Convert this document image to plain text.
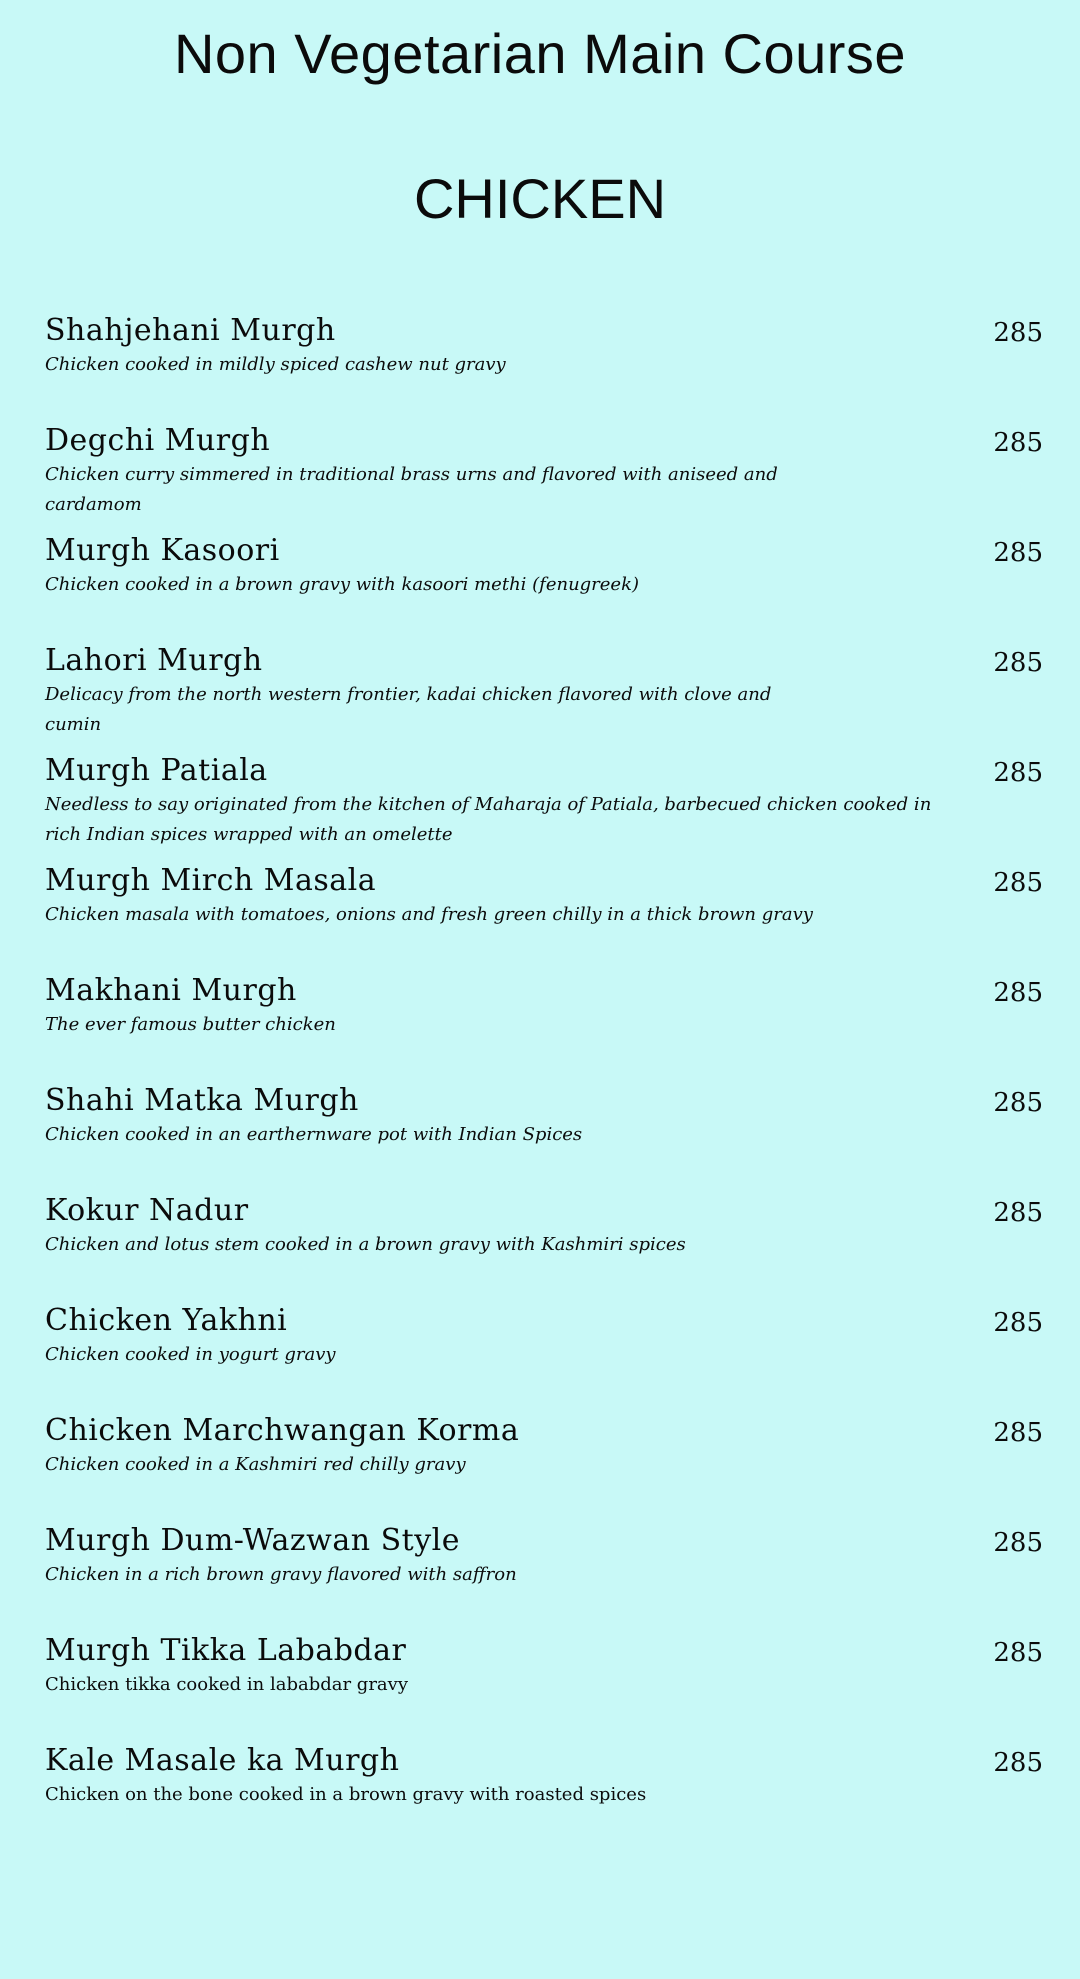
Non Vegetarian Main Course
CHICKEN
Shahjehani Murgh	285
Chicken cooked in mildly spiced cashew nut gravy
Degchi Murgh	285
Chicken curry simmered in traditional brass urns and flavored with aniseed and cardamom
Murgh Kasoori	285
Chicken cooked in a brown gravy with kasoori methi (fenugreek)
Lahori Murgh	285
Delicacy from the north western frontier, kadai chicken flavored with clove and cumin
Murgh Patiala	285
Needless to say originated from the kitchen of Maharaja of Patiala, barbecued chicken cooked in rich Indian spices wrapped with an omelette
Murgh Mirch Masala	285
Chicken masala with tomatoes, onions and fresh green chilly in a thick brown gravy
Makhani Murgh	285
The ever famous butter chicken
Shahi Matka Murgh	285
Chicken cooked in an earthernware pot with Indian Spices
Kokur Nadur	285
Chicken and lotus stem cooked in a brown gravy with Kashmiri spices
Chicken Yakhni	285
Chicken cooked in yogurt gravy
Chicken Marchwangan Korma	285
Chicken cooked in a Kashmiri red chilly gravy
Murgh Dum-Wazwan Style	285
Chicken in a rich brown gravy flavored with saffron
Murgh Tikka Lababdar	285
Chicken tikka cooked in lababdar gravy
Kale Masale ka Murgh	285
Chicken on the bone cooked in a brown gravy with roasted spices
